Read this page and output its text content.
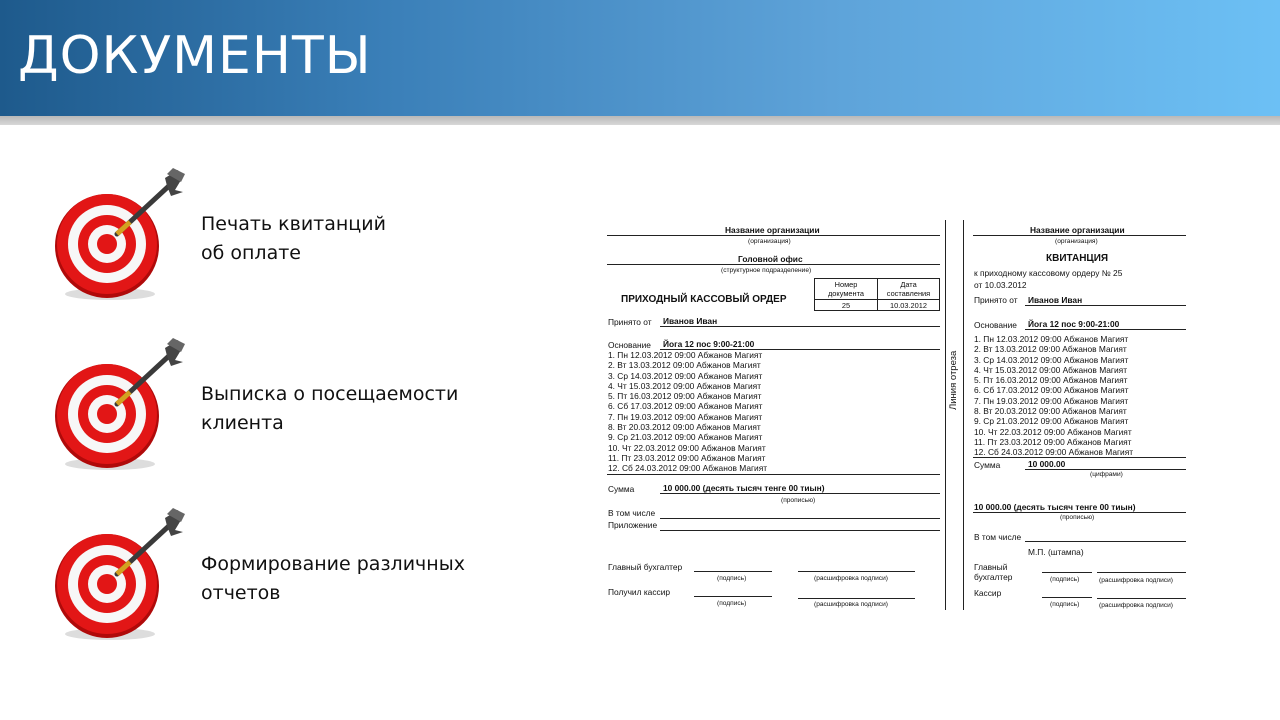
ДОКУМЕНТЫ
Печать квитанций
об оплате
Выписка о посещаемости
клиента
Формирование различных
отчетов
Название организации
(организация)
Головной офис
(структурное подразделение)
ПРИХОДНЫЙ КАССОВЫЙ ОРДЕР
Номер документа	Дата составления
25	10.03.2012
Принято от Иванов Иван
Основание Йога 12 пос 9:00-21:00
1. Пн 12.03.2012 09:00 Абжанов Магият
2. Вт 13.03.2012 09:00 Абжанов Магият
3. Ср 14.03.2012 09:00 Абжанов Магият
4. Чт 15.03.2012 09:00 Абжанов Магият
5. Пт 16.03.2012 09:00 Абжанов Магият
6. Сб 17.03.2012 09:00 Абжанов Магият
7. Пн 19.03.2012 09:00 Абжанов Магият
8. Вт 20.03.2012 09:00 Абжанов Магият
9. Ср 21.03.2012 09:00 Абжанов Магият
10. Чт 22.03.2012 09:00 Абжанов Магият
11. Пт 23.03.2012 09:00 Абжанов Магият
12. Сб 24.03.2012 09:00 Абжанов Магият
Сумма	10 000.00 (десять тысяч тенге 00 тиын)
(прописью)
В том числе
Приложение
Главный бухгалтер
(подпись)	(расшифровка подписи)
Получил кассир
(подпись)	(расшифровка подписи)
Линия отреза
Название организации
(организация)
КВИТАНЦИЯ
к приходному кассовому ордеру № 25
от 10.03.2012
Принято от Иванов Иван
Основание Йога 12 пос 9:00-21:00
1. Пн 12.03.2012 09:00 Абжанов Магият
2. Вт 13.03.2012 09:00 Абжанов Магият
3. Ср 14.03.2012 09:00 Абжанов Магият
4. Чт 15.03.2012 09:00 Абжанов Магият
5. Пт 16.03.2012 09:00 Абжанов Магият
6. Сб 17.03.2012 09:00 Абжанов Магият
7. Пн 19.03.2012 09:00 Абжанов Магият
8. Вт 20.03.2012 09:00 Абжанов Магият
9. Ср 21.03.2012 09:00 Абжанов Магият
10. Чт 22.03.2012 09:00 Абжанов Магият
11. Пт 23.03.2012 09:00 Абжанов Магият
12. Сб 24.03.2012 09:00 Абжанов Магият
Сумма	10 000.00
(цифрами)
10 000.00 (десять тысяч тенге 00 тиын)
(прописью)
В том числе
М.П. (штампа)
Главный
бухгалтер	(подпись)	(расшифровка подписи)
Кассир
(подпись)	(расшифровка подписи)
